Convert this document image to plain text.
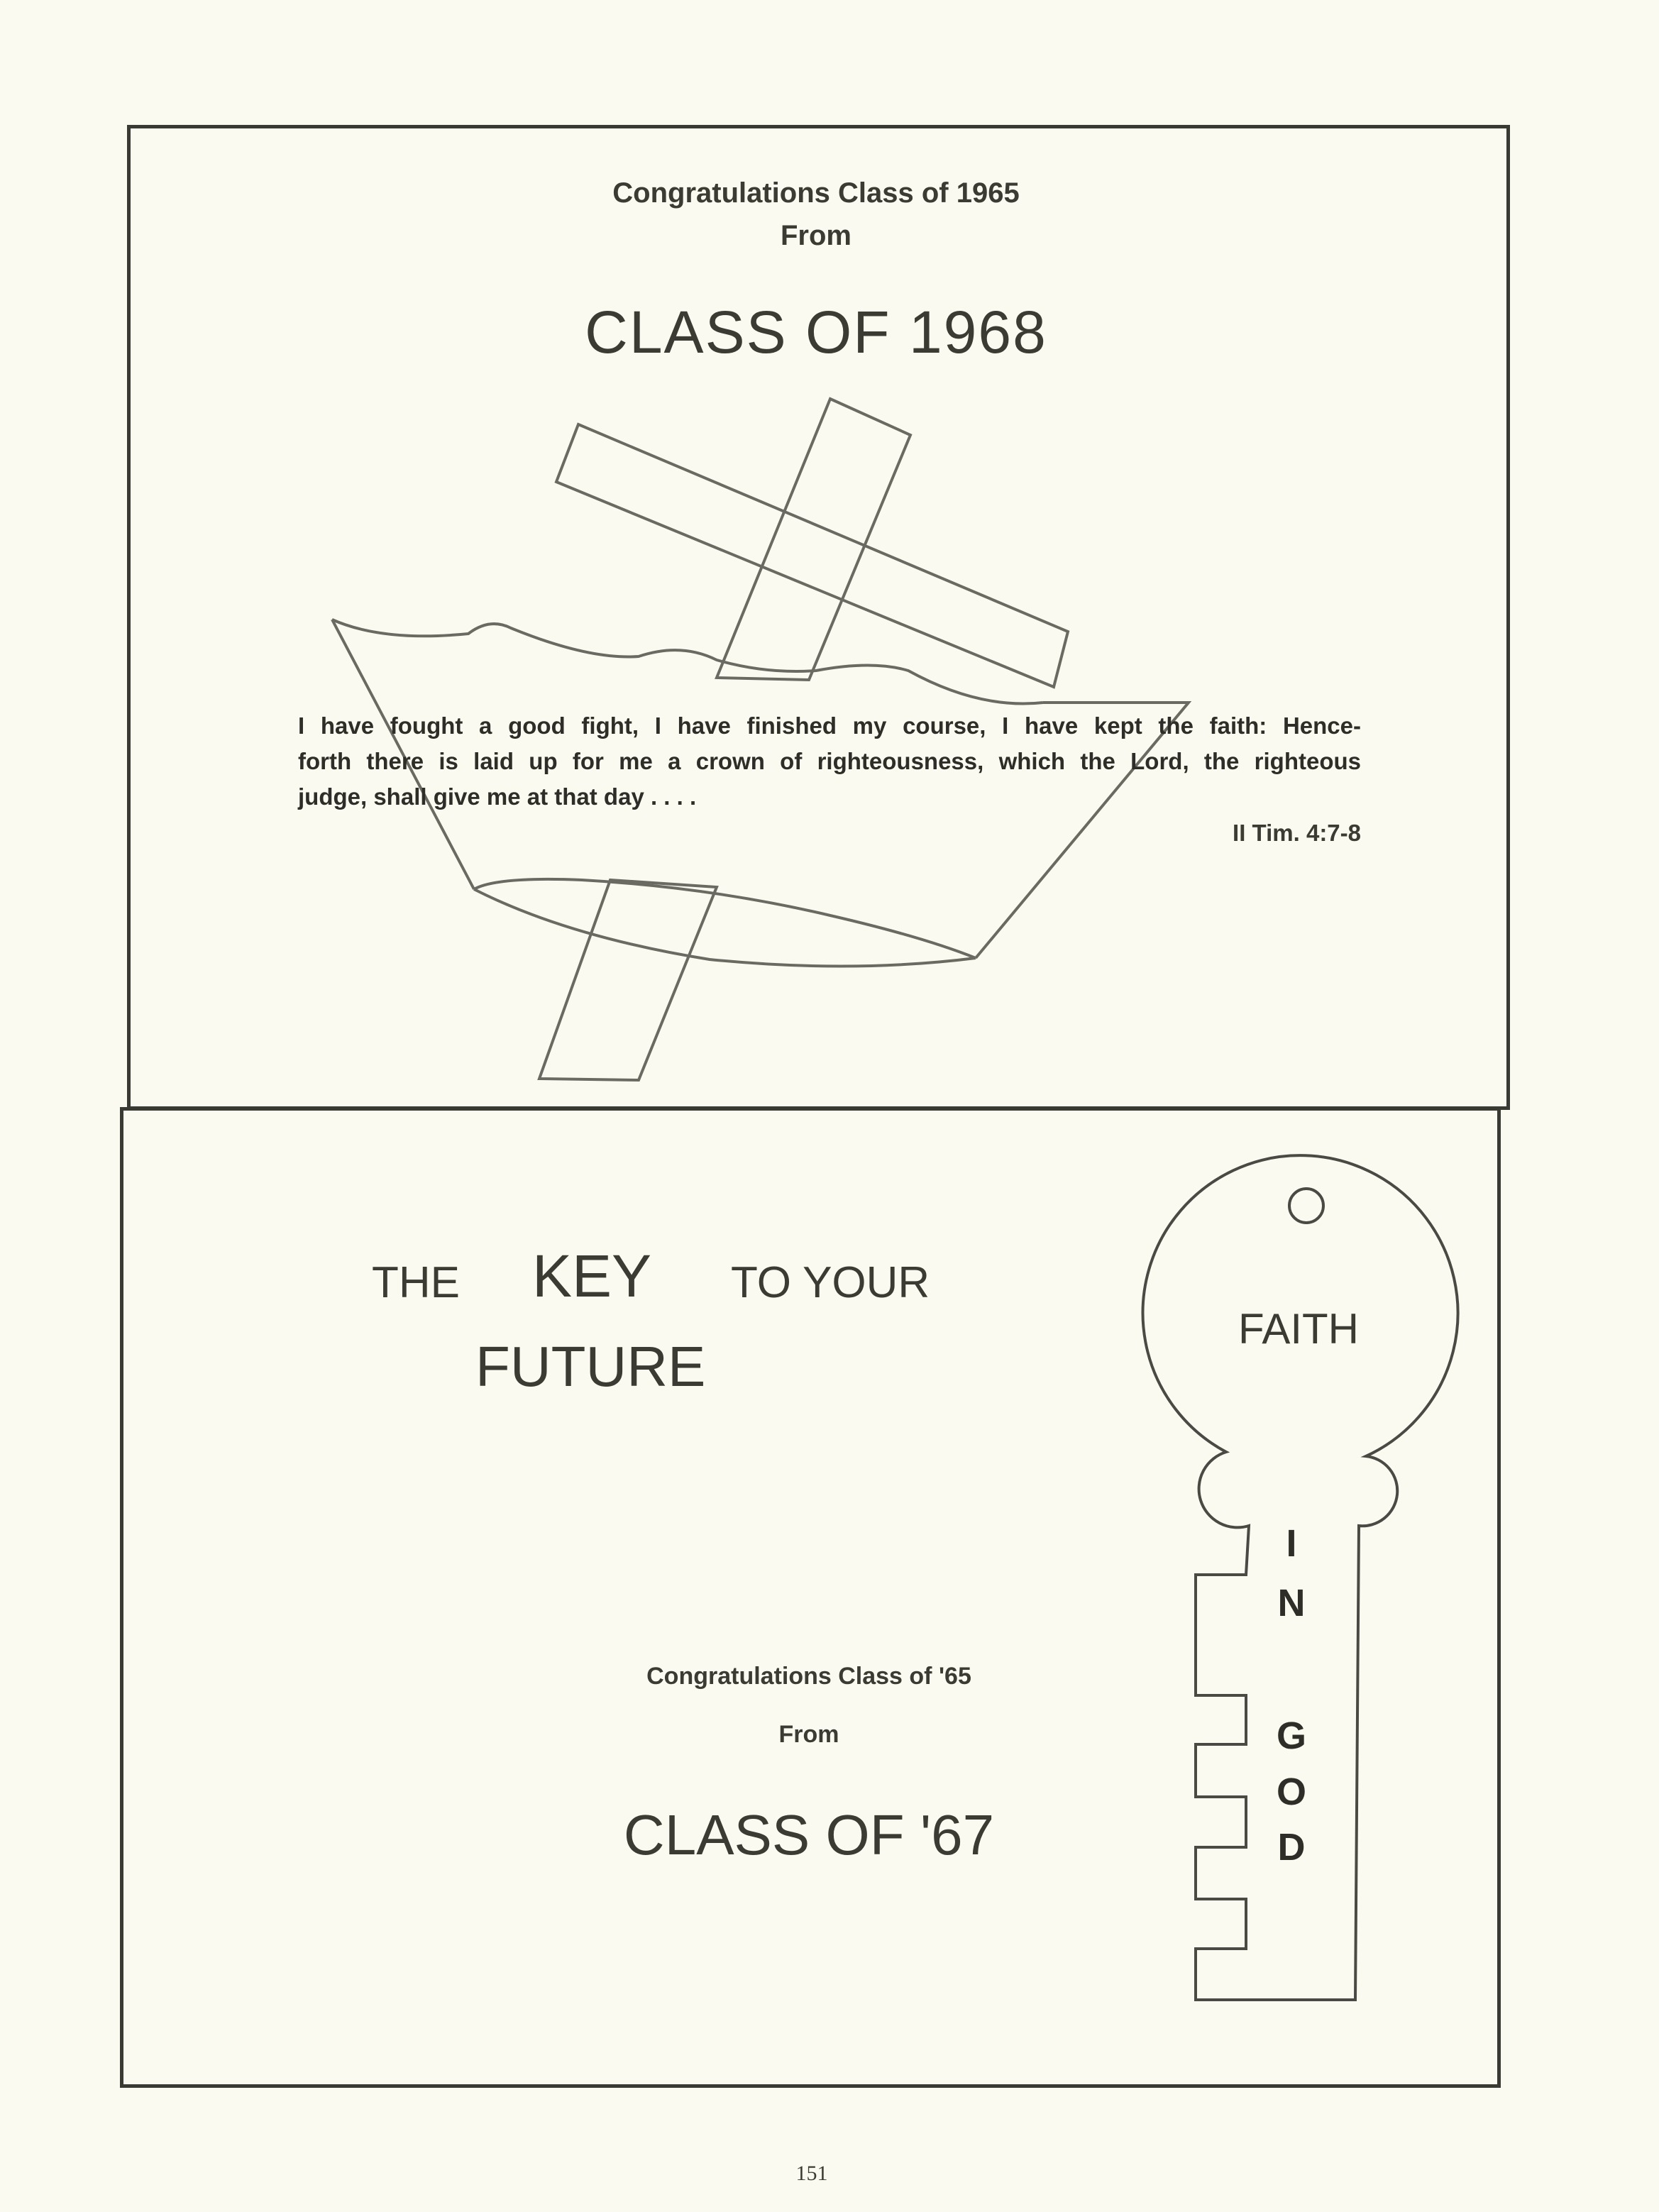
Congratulations Class of 1965
From
CLASS OF 1968
I have fought a good fight, I have finished my course, I have kept the faith: Hence-
forth there is laid up for me a crown of righteousness, which the Lord, the righteous
judge, shall give me at that day . . . .
II Tim. 4:7-8
THE KEY TO YOUR
FUTURE
Congratulations Class of '65
From
CLASS OF '67
FAITH
I
N
G
O
D
151
